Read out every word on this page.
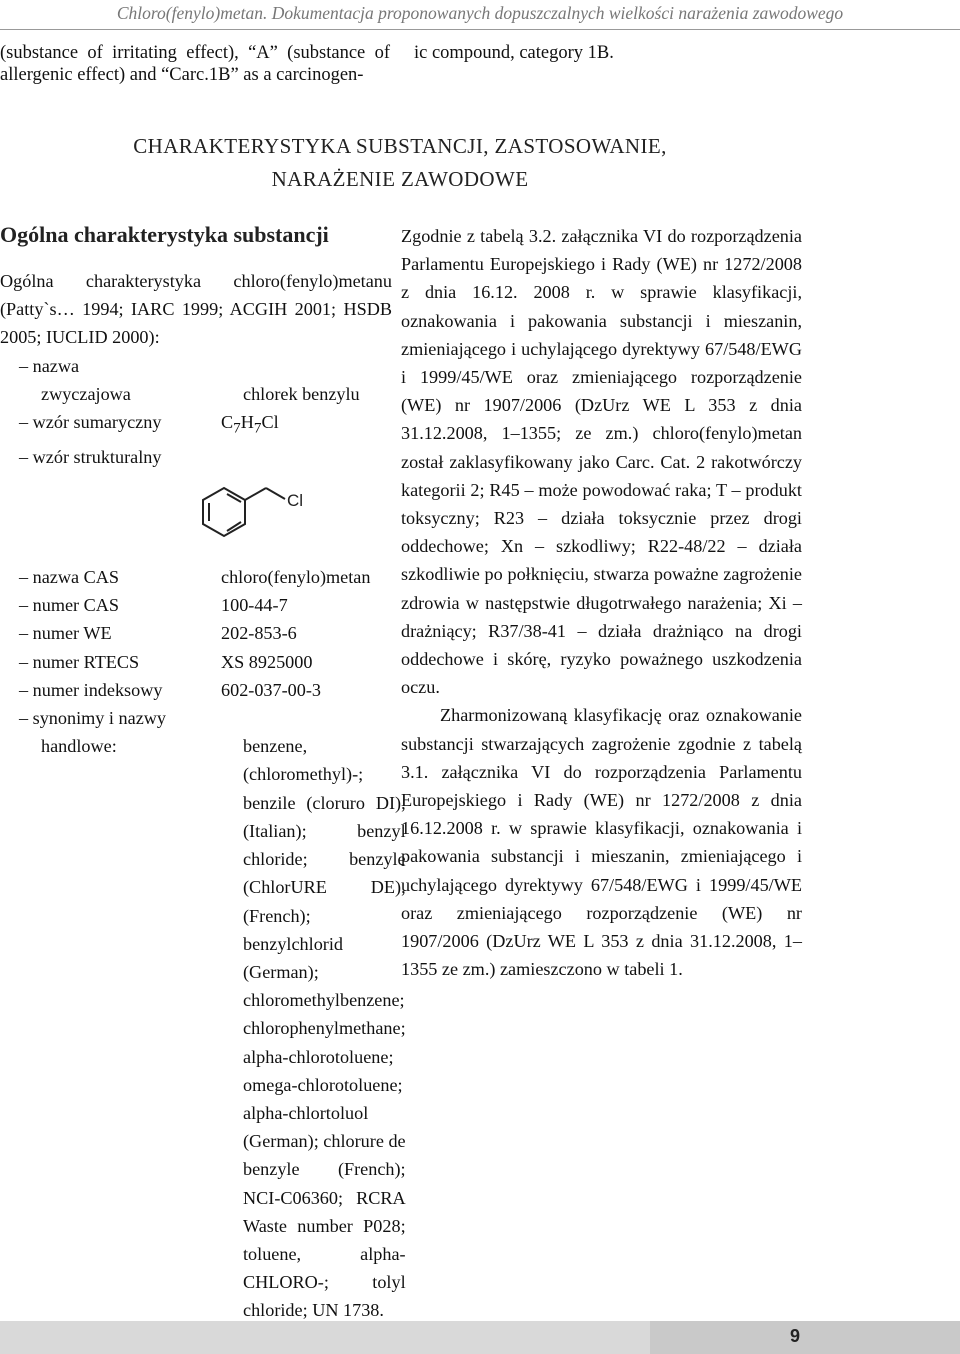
Chloro(fenylo)metan. Dokumentacja proponowanych dopuszczalnych wielkości narażenia zawodowego
(substance of irritating effect), “A” (substance of allergenic effect) and “Carc.1B” as a carcinogen-
ic compound, category 1B.
CHARAKTERYSTYKA SUBSTANCJI, ZASTOSOWANIE,
NARAŻENIE ZAWODOWE
Ogólna charakterystyka substancji

Ogólna charakterystyka chloro(fenylo)metanu (Patty`s… 1994; IARC 1999; ACGIH 2001; HSDB 2005; IUCLID 2000):

– nazwa
zwyczajowa	chlorek benzylu
– wzór sumaryczny	$C_7H_7Cl$
– wzór strukturalny
Cl
– nazwa CAS	chloro(fenylo)metan
– numer CAS	100-44-7
– numer WE	202-853-6
– numer RTECS	XS 8925000
– numer indeksowy	602-037-00-3
– synonimy i nazwy
handlowe:	benzene, (chloromethyl)-; benzile (cloruro DI), (Italian); benzyl chloride; benzyle (ChlorURE DE), (French); benzylchlorid (German); chloromethylbenzene; chlorophenylmethane; alpha-chlorotoluene; omega-chlorotoluene; alpha-chlortoluol (German); chlorure de benzyle (French); NCI-C06360; RCRA Waste number P028; toluene, alpha-CHLORO-; tolyl chloride; UN 1738.

Zgodnie z tabelą 3.2. załącznika VI do rozporządzenia Parlamentu Europejskiego i Rady (WE) nr 1272/2008 z dnia 16.12. 2008 r. w sprawie klasyfikacji, oznakowania i pakowania substancji i mieszanin, zmieniającego i uchylającego dyrektywy 67/548/EWG i 1999/45/WE oraz zmieniającego rozporządzenie (WE) nr 1907/2006 (DzUrz WE L 353 z dnia 31.12.2008, 1–1355; ze zm.) chloro(fenylo)metan został zaklasyfikowany jako Carc. Cat. 2 rakotwórczy kategorii 2; R45 – może powodować raka; T – produkt toksyczny; R23 – działa toksycznie przez drogi oddechowe; Xn – szkodliwy; R22-48/22 – działa szkodliwie po połknięciu, stwarza poważne zagrożenie zdrowia w następstwie długotrwałego narażenia; Xi – drażniący; R37/38-41 – działa drażniąco na drogi oddechowe i skórę, ryzyko poważnego uszkodzenia oczu.

Zharmonizowaną klasyfikację oraz oznakowanie substancji stwarzających zagrożenie zgodnie z tabelą 3.1. załącznika VI do rozporządzenia Parlamentu Europejskiego i Rady (WE) nr 1272/2008 z dnia 16.12.2008 r. w sprawie klasyfikacji, oznakowania i pakowania substancji i mieszanin, zmieniającego i uchylającego dyrektywy 67/548/EWG i 1999/45/WE oraz zmieniającego rozporządzenie (WE) nr 1907/2006 (DzUrz WE L 353 z dnia 31.12.2008, 1–1355 ze zm.) zamieszczono w tabeli 1.

9
